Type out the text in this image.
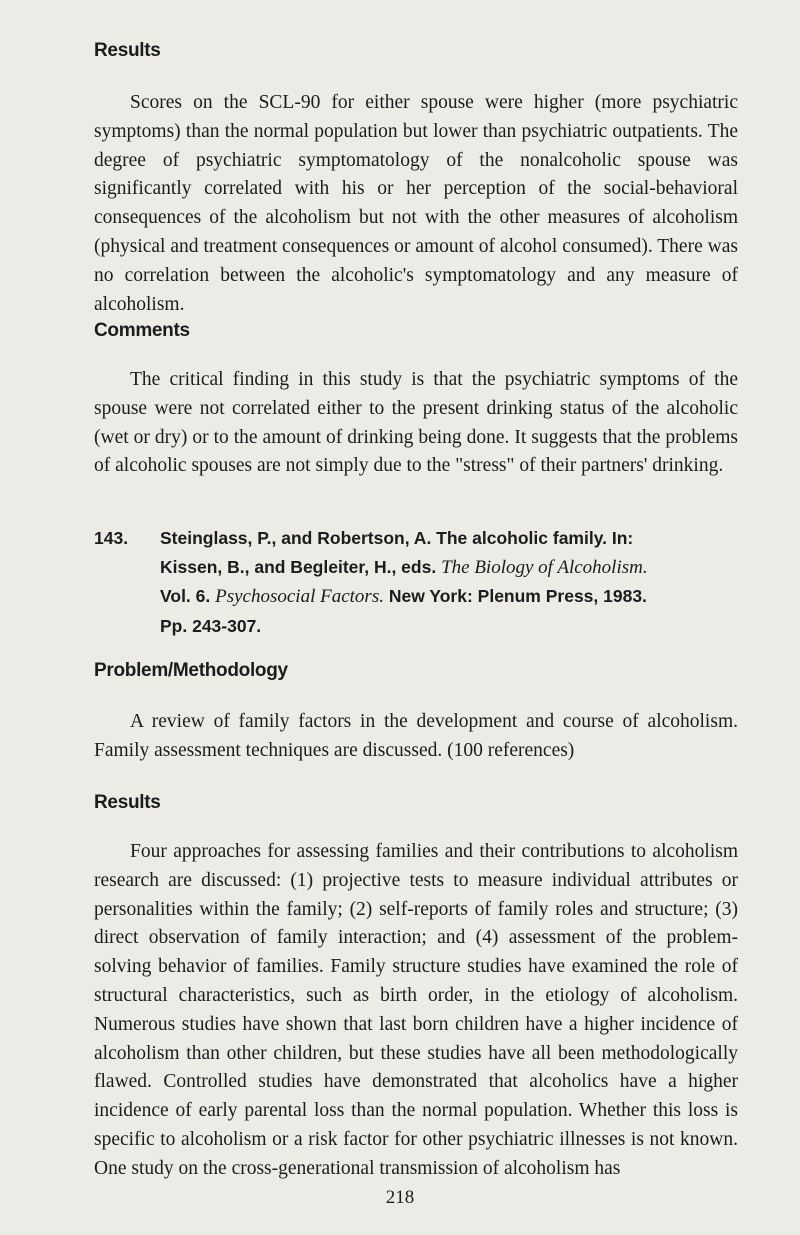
Results

Scores on the SCL-90 for either spouse were higher (more psychiatric symptoms) than the normal population but lower than psychiatric outpatients. The degree of psychiatric symptomatology of the nonalcoholic spouse was significantly correlated with his or her perception of the social-behavioral consequences of the alcoholism but not with the other measures of alcoholism (physical and treatment consequences or amount of alcohol consumed). There was no correlation between the alcoholic's symptomatology and any measure of alcoholism.

Comments

The critical finding in this study is that the psychiatric symptoms of the spouse were not correlated either to the present drinking status of the alcoholic (wet or dry) or to the amount of drinking being done. It suggests that the problems of alcoholic spouses are not simply due to the "stress" of their partners' drinking.

143.	Steinglass, P., and Robertson, A. The alcoholic family. In:
Kissen, B., and Begleiter, H., eds. The Biology of Alcoholism.
Vol. 6. Psychosocial Factors. New York: Plenum Press, 1983.
Pp. 243-307.
Problem/Methodology

A review of family factors in the development and course of alcoholism. Family assessment techniques are discussed. (100 references)

Results

Four approaches for assessing families and their contributions to alcoholism research are discussed: (1) projective tests to measure individual attributes or personalities within the family; (2) self-reports of family roles and structure; (3) direct observation of family interaction; and (4) assessment of the problem-solving behavior of families. Family structure studies have examined the role of structural characteristics, such as birth order, in the etiology of alcoholism. Numerous studies have shown that last born children have a higher incidence of alcoholism than other children, but these studies have all been methodologically flawed. Controlled studies have demonstrated that alcoholics have a higher incidence of early parental loss than the normal population. Whether this loss is specific to alcoholism or a risk factor for other psychiatric illnesses is not known. One study on the cross-generational transmission of alcoholism has

218
